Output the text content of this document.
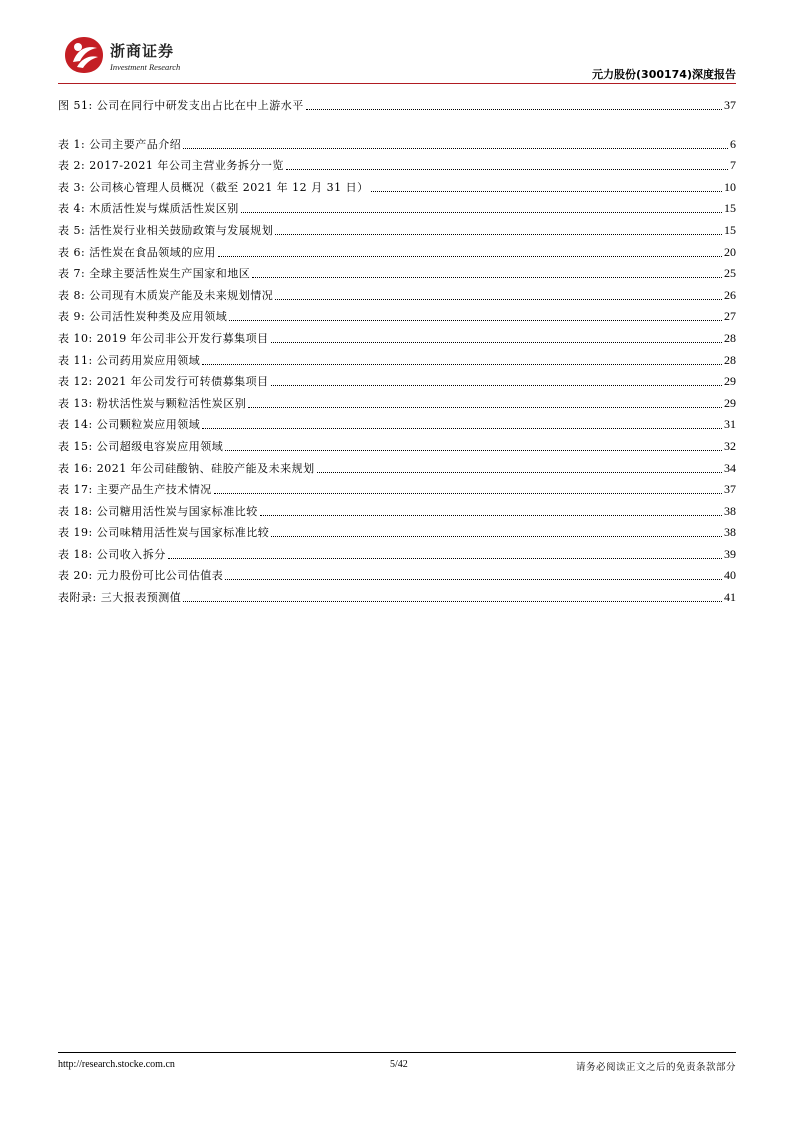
浙商证券
Investment Research
元力股份(300174)深度报告
图 51: 公司在同行中研发支出占比在中上游水平	37
表 1: 公司主要产品介绍	6
表 2: 2017-2021 年公司主营业务拆分一览	7
表 3: 公司核心管理人员概况（截至 2021 年 12 月 31 日）	10
表 4: 木质活性炭与煤质活性炭区别	15
表 5: 活性炭行业相关鼓励政策与发展规划	15
表 6: 活性炭在食品领域的应用	20
表 7: 全球主要活性炭生产国家和地区	25
表 8: 公司现有木质炭产能及未来规划情况	26
表 9: 公司活性炭种类及应用领域	27
表 10: 2019 年公司非公开发行募集项目	28
表 11: 公司药用炭应用领域	28
表 12: 2021 年公司发行可转债募集项目	29
表 13: 粉状活性炭与颗粒活性炭区别	29
表 14: 公司颗粒炭应用领域	31
表 15: 公司超级电容炭应用领域	32
表 16: 2021 年公司硅酸钠、硅胶产能及未来规划	34
表 17: 主要产品生产技术情况	37
表 18: 公司糖用活性炭与国家标准比较	38
表 19: 公司味精用活性炭与国家标准比较	38
表 18: 公司收入拆分	39
表 20: 元力股份可比公司估值表	40
表附录: 三大报表预测值	41
http://research.stocke.com.cn	5/42	请务必阅读正文之后的免责条款部分
